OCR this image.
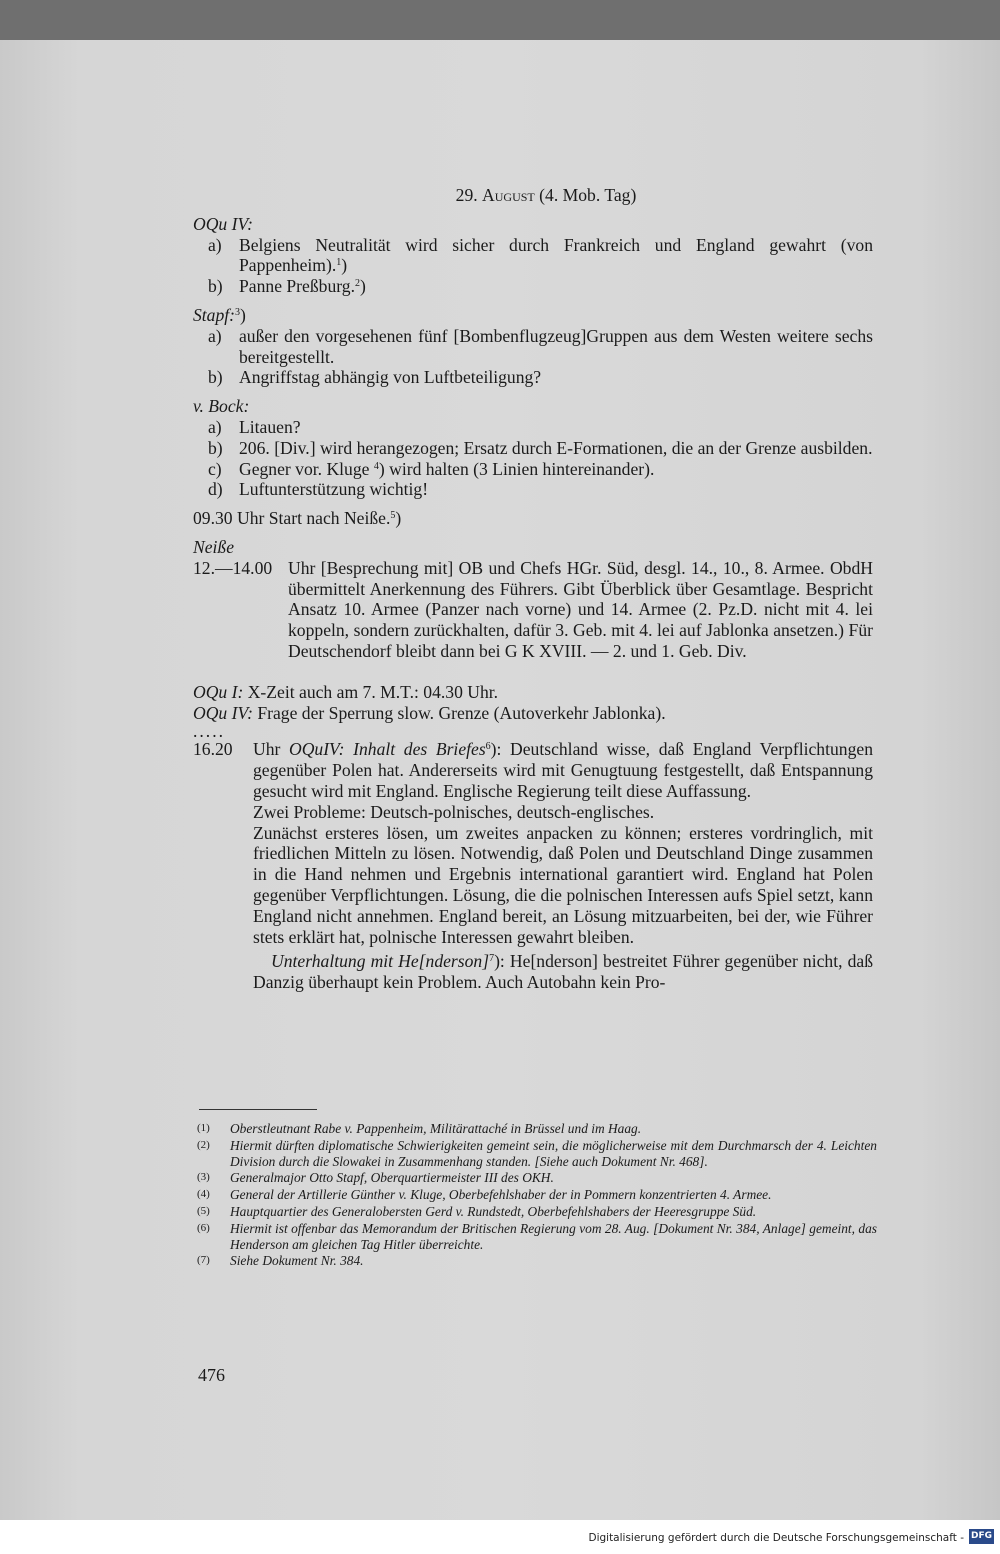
29. August (4. Mob. Tag)
OQu IV:
a) Belgiens Neutralität wird sicher durch Frankreich und England gewahrt (von Pappenheim).$^1$)
b) Panne Preßburg.$^2$)
Stapf:$^3$)
a) außer den vorgesehenen fünf [Bombenflugzeug]Gruppen aus dem Westen weitere sechs bereitgestellt.
b) Angriffstag abhängig von Luftbeteiligung?
v. Bock:
a) Litauen?
b) 206. [Div.] wird herangezogen; Ersatz durch E-Formationen, die an der Grenze ausbilden.
c) Gegner vor. Kluge $^4$) wird halten (3 Linien hintereinander).
d) Luftunterstützung wichtig!
09.30 Uhr Start nach Neiße.$^5$)
Neiße
12.—14.00 Uhr [Besprechung mit] OB und Chefs HGr. Süd, desgl. 14., 10., 8. Armee. ObdH übermittelt Anerkennung des Führers. Gibt Überblick über Gesamtlage. Bespricht Ansatz 10. Armee (Panzer nach vorne) und 14. Armee (2. Pz.D. nicht mit 4. lei koppeln, sondern zurückhalten, dafür 3. Geb. mit 4. lei auf Jablonka ansetzen.) Für Deutschendorf bleibt dann bei G K XVIII. — 2. und 1. Geb. Div.
OQu I: X-Zeit auch am 7. M.T.: 04.30 Uhr.
OQu IV: Frage der Sperrung slow. Grenze (Autoverkehr Jablonka).
.....
16.20	Uhr OQuIV: Inhalt des Briefes$^6$): Deutschland wisse, daß England Verpflichtungen gegenüber Polen hat. Andererseits wird mit Genugtuung festgestellt, daß Entspannung gesucht wird mit England. Englische Regierung teilt diese Auffassung.

Zwei Probleme: Deutsch-polnisches, deutsch-englisches.

Zunächst ersteres lösen, um zweites anpacken zu können; ersteres vordringlich, mit friedlichen Mitteln zu lösen. Notwendig, daß Polen und Deutschland Dinge zusammen in die Hand nehmen und Ergebnis international garantiert wird. England hat Polen gegenüber Verpflichtungen. Lösung, die die polnischen Interessen aufs Spiel setzt, kann England nicht annehmen. England bereit, an Lösung mitzuarbeiten, bei der, wie Führer stets erklärt hat, polnische Interessen gewahrt bleiben.

Unterhaltung mit He[nderson]$^7$): He[nderson] bestreitet Führer gegenüber nicht, daß Danzig überhaupt kein Problem. Auch Autobahn kein Pro-

(1)	Oberstleutnant Rabe v. Pappenheim, Militärattaché in Brüssel und im Haag.
(2)	Hiermit dürften diplomatische Schwierigkeiten gemeint sein, die möglicherweise mit dem Durchmarsch der 4. Leichten Division durch die Slowakei in Zusammenhang standen. [Siehe auch Dokument Nr. 468].
(3)	Generalmajor Otto Stapf, Oberquartiermeister III des OKH.
(4)	General der Artillerie Günther v. Kluge, Oberbefehlshaber der in Pommern konzentrierten 4. Armee.
(5)	Hauptquartier des Generalobersten Gerd v. Rundstedt, Oberbefehlshabers der Heeresgruppe Süd.
(6)	Hiermit ist offenbar das Memorandum der Britischen Regierung vom 28. Aug. [Dokument Nr. 384, Anlage] gemeint, das Henderson am gleichen Tag Hitler überreichte.
(7)	Siehe Dokument Nr. 384.
476
Digitalisierung gefördert durch die Deutsche Forschungsgemeinschaft - DFG
